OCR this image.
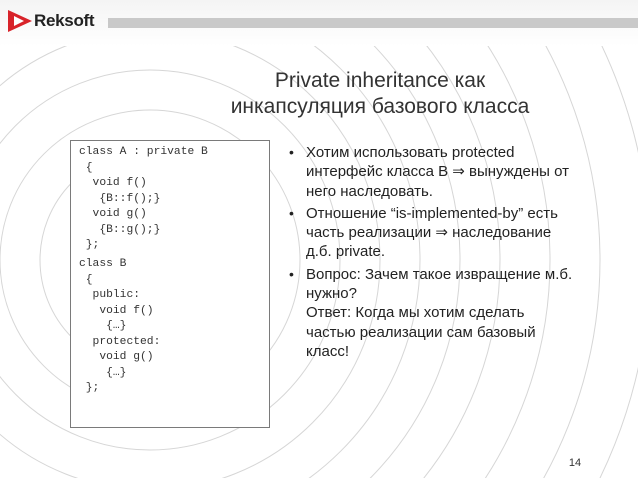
Reksoft
Private inheritance как
инкапсуляция базового класса
class A : private B
{
void f()
{B::f();}
void g()
{B::g();}
};
class B
{
public:
void f()
{…}
protected:
void g()
{…}
};
• Хотим использовать protected
интерфейс класса B ⇒ вынуждены от
него наследовать.
• Отношение “is-implemented-by” есть
часть реализации ⇒ наследование
д.б. private.
• Вопрос: Зачем такое извращение м.б.
нужно?
Ответ: Когда мы хотим сделать
частью реализации сам базовый
класс!
14
